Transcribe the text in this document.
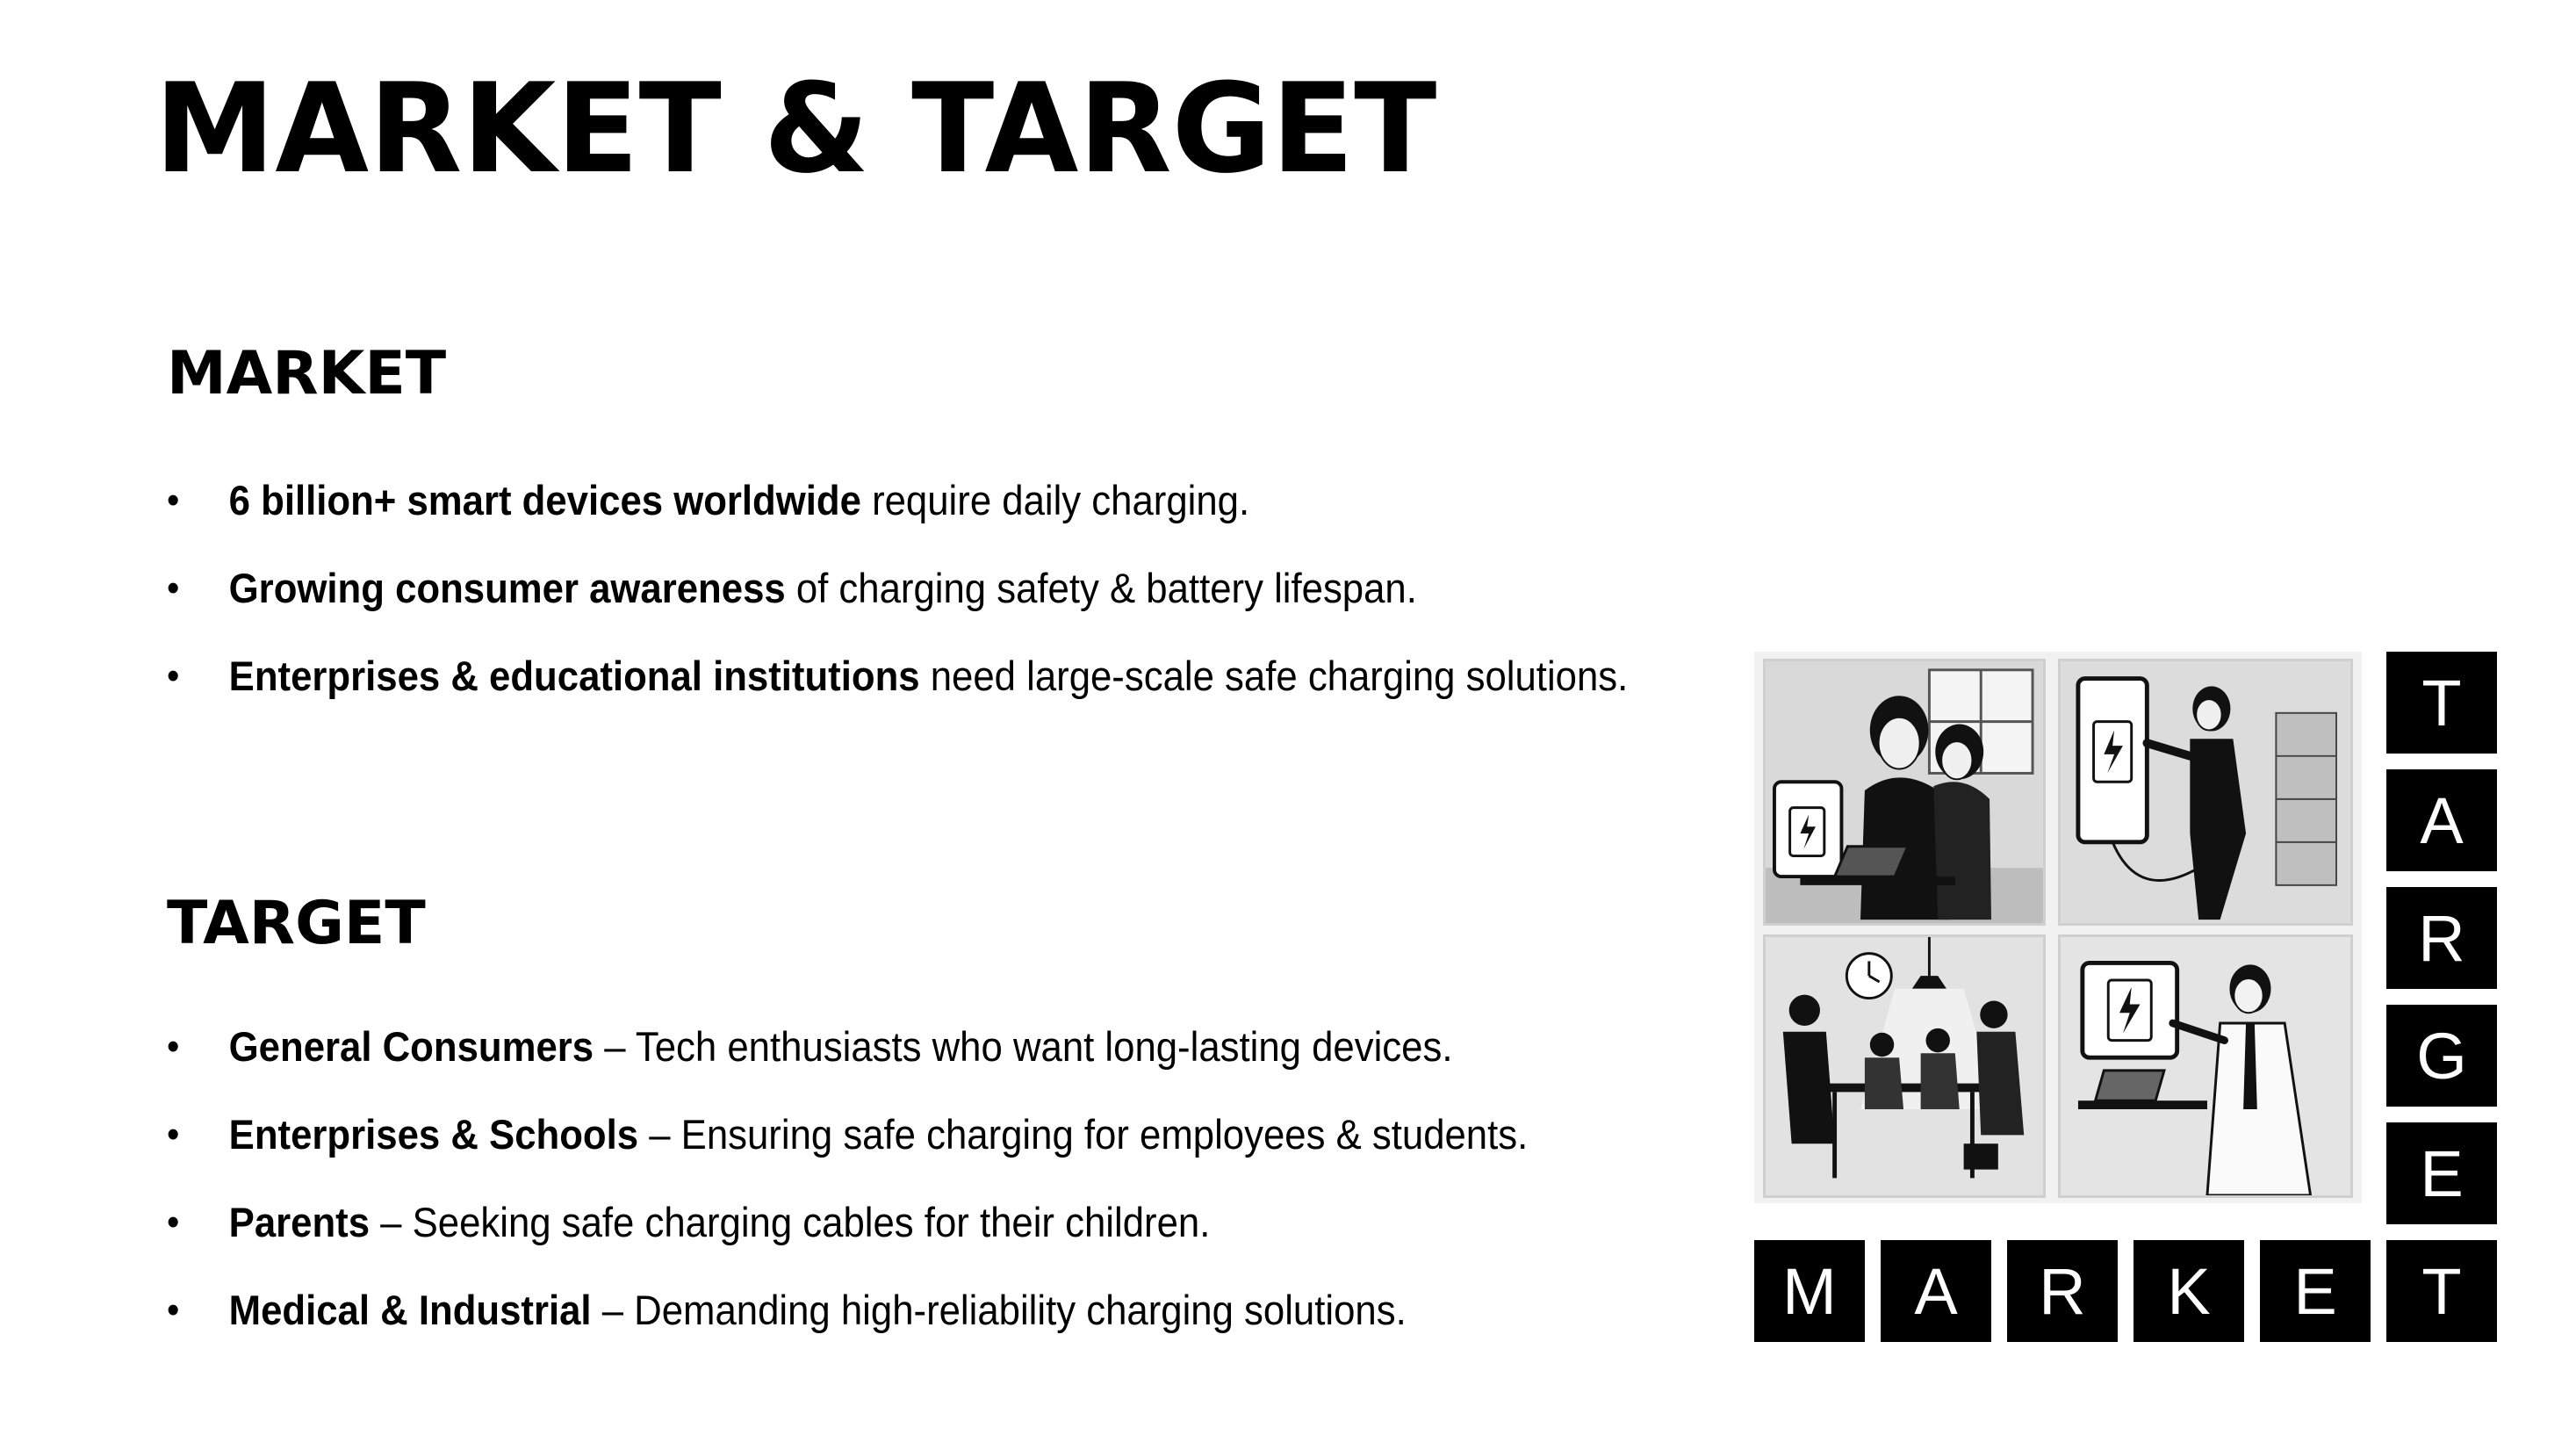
MARKET & TARGET
MARKET
• 6 billion+ smart devices worldwide require daily charging.
• Growing consumer awareness of charging safety & battery lifespan.
• Enterprises & educational institutions need large-scale safe charging solutions.
TARGET
• General Consumers – Tech enthusiasts who want long-lasting devices.
• Enterprises & Schools – Ensuring safe charging for employees & students.
• Parents – Seeking safe charging cables for their children.
• Medical & Industrial – Demanding high-reliability charging solutions.
T
A
R
G
E
M	A	R	K	E	T
